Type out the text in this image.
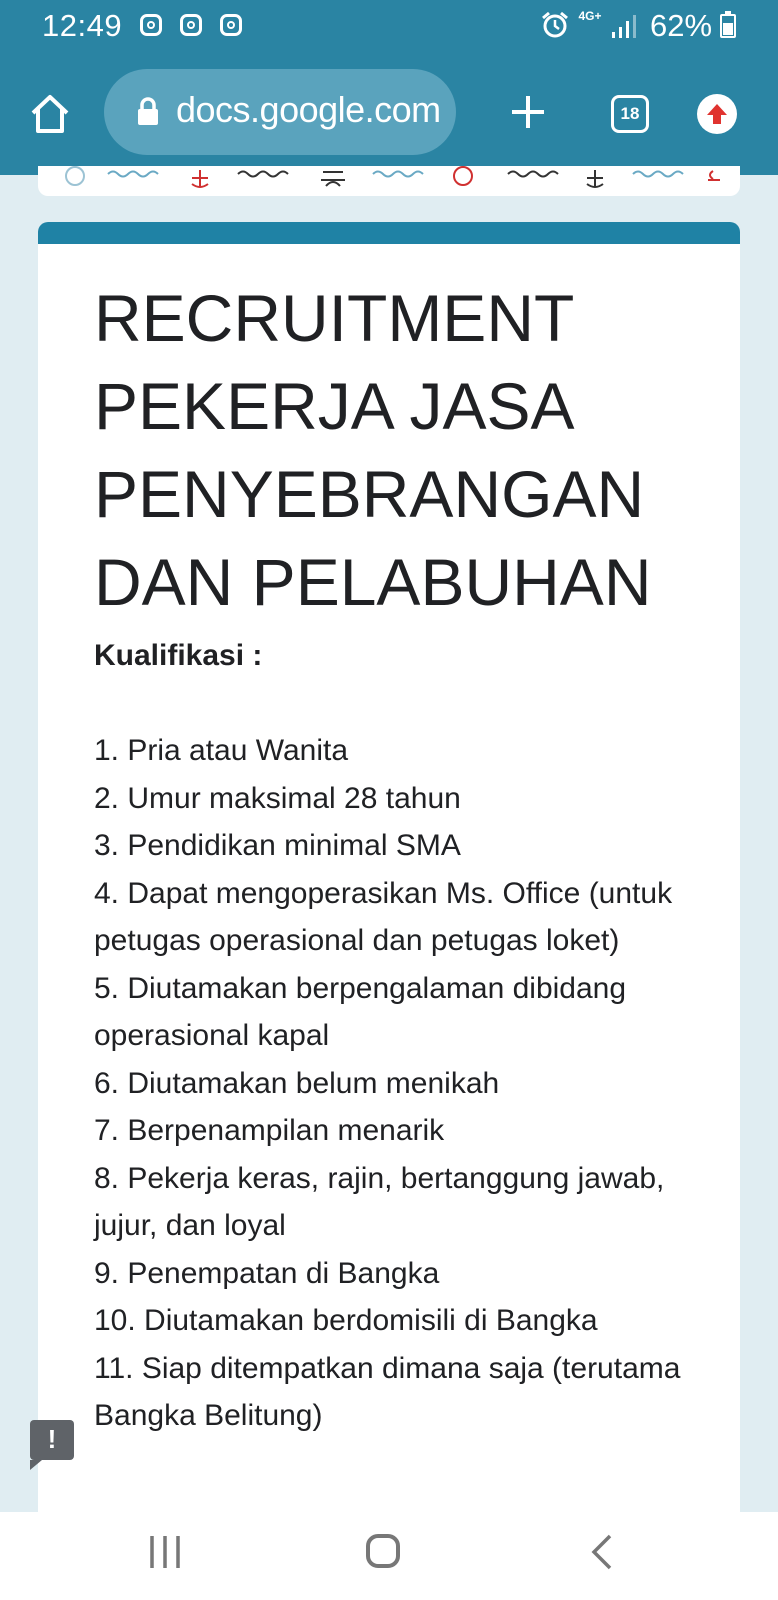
12:49	4G+ 62%
docs.google.com	18
RECRUITMENT PEKERJA JASA PENYEBRANGAN DAN PELABUHAN
Kualifikasi :
1. Pria atau Wanita
2. Umur maksimal 28 tahun
3. Pendidikan minimal SMA
4. Dapat mengoperasikan Ms. Office (untuk petugas operasional dan petugas loket)
5. Diutamakan berpengalaman dibidang operasional kapal
6. Diutamakan belum menikah
7. Berpenampilan menarik
8. Pekerja keras, rajin, bertanggung jawab, jujur, dan loyal
9. Penempatan di Bangka
10. Diutamakan berdomisili di Bangka
11. Siap ditempatkan dimana saja (terutama Bangka Belitung)
!
